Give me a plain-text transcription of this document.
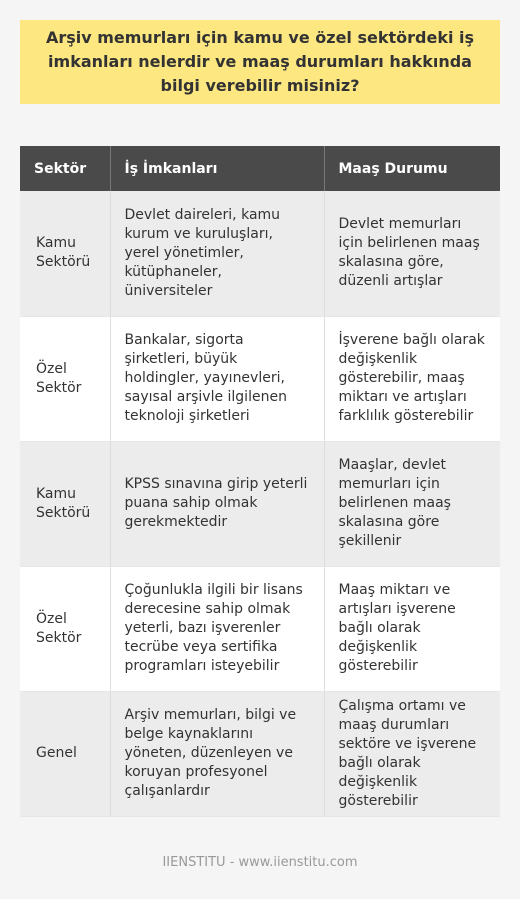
Arşiv memurları için kamu ve özel sektördeki iş imkanları nelerdir ve maaş durumları hakkında bilgi verebilir misiniz?
Sektör	İş İmkanları	Maaş Durumu
Kamu Sektörü	Devlet daireleri, kamu kurum ve kuruluşları, yerel yönetimler, kütüphaneler, üniversiteler	Devlet memurları için belirlenen maaş skalasına göre, düzenli artışlar
Özel Sektör	Bankalar, sigorta şirketleri, büyük holdingler, yayınevleri, sayısal arşivle ilgilenen teknoloji şirketleri	İşverene bağlı olarak değişkenlik gösterebilir, maaş miktarı ve artışları farklılık gösterebilir
Kamu Sektörü	KPSS sınavına girip yeterli puana sahip olmak gerekmektedir	Maaşlar, devlet memurları için belirlenen maaş skalasına göre şekillenir
Özel Sektör	Çoğunlukla ilgili bir lisans derecesine sahip olmak yeterli, bazı işverenler tecrübe veya sertifika programları isteyebilir	Maaş miktarı ve artışları işverene bağlı olarak değişkenlik gösterebilir
Genel	Arşiv memurları, bilgi ve belge kaynaklarını yöneten, düzenleyen ve koruyan profesyonel çalışanlardır	Çalışma ortamı ve maaş durumları sektöre ve işverene bağlı olarak değişkenlik gösterebilir
IIENSTITU - www.iienstitu.com
